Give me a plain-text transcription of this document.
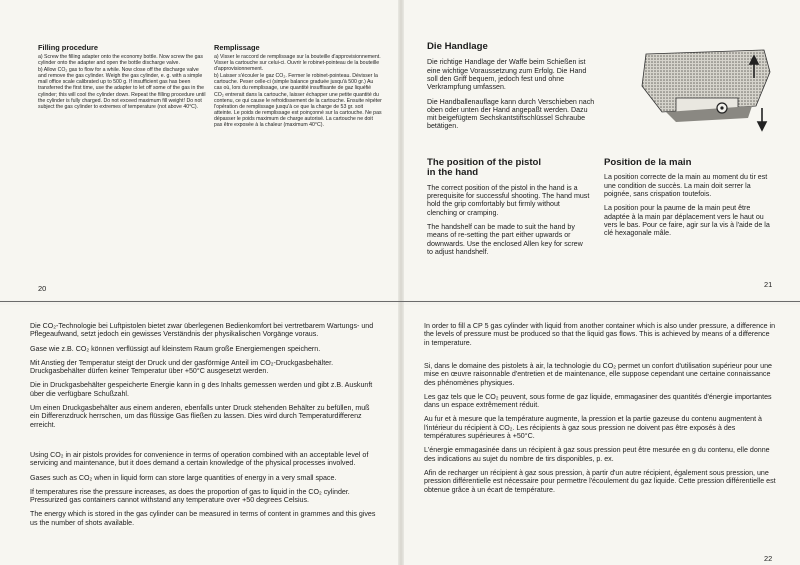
Filling procedure
a) Screw the filling adapter onto the economy bottle. Now screw the gas cylinder onto the adapter and open the bottle discharge valve.
b) Allow CO₂ gas to flow for a while. Now close off the discharge valve and remove the gas cylinder. Weigh the gas cylinder, e. g. with a simple mail office scale calibrated up to 500 g. If insufficient gas has been transferred the first time, use the adapter to let off some of the gas in the cylinder; this will cool the cylinder down. Repeat the filling procedure until the cylinder is fully charged. Do not exceed maximum fill weight! Do not subject the gas cylinder to extremes of temperature (not above 40°C).
Remplissage
a) Visser le raccord de remplissage sur la bouteille d'approvisionnement. Visser la cartouche sur celui-ci. Ouvrir le robinet-pointeau de la bouteille d'approvisionnement.
b) Laisser s'écouler le gaz CO₂. Fermer le robinet-pointeau. Dévisser la cartouche. Peser celle-ci (simple balance graduée jusqu'à 500 gr.) Au cas où, lors du remplissage, une quantité insuffisante de gaz liquéfié CO₂ entrerait dans la cartouche, laisser échapper une petite quantité du contenu, ce qui cause le refroidissement de la cartouche. Ensuite répéter l'opération de remplissage jusqu'à ce que la charge de 53 gr. soit atteinte. Le poids de remplissage est poinçonné sur la cartouche. Ne pas dépasser le poids maximum de charge autorisé. La cartouche ne doit pas être exposée à la chaleur (maximum 40°C).
20
Die Handlage

Die richtige Handlage der Waffe beim Schießen ist eine wichtige Voraussetzung zum Erfolg. Die Hand soll den Griff bequem, jedoch fest und ohne Verkrampfung umfassen.

Die Handballenauflage kann durch Verschieben nach oben oder unten der Hand angepaßt werden. Dazu mit beigefügtem Sechskantstiftschlüssel Schraube betätigen.

The position of the pistol
in the hand

The correct position of the pistol in the hand is a prerequisite for successful shooting. The hand must hold the grip comfortably but firmly without clenching or cramping.

The handshelf can be made to suit the hand by means of re-setting the part either upwards or downwards. Use the enclosed Allen key for screw to adjust handshelf.

Position de la main

La position correcte de la main au moment du tir est une condition de succès. La main doit serrer la poignée, sans crispation toutefois.

La position pour la paume de la main peut être adaptée à la main par déplacement vers le haut ou vers le bas. Pour ce faire, agir sur la vis à l'aide de la clé hexagonale mâle.

21

Die CO₂-Technologie bei Luftpistolen bietet zwar überlegenen Bedienkomfort bei vertretbarem Wartungs- und Pflegeaufwand, setzt jedoch ein gewisses Verständnis der physikalischen Vorgänge voraus.

Gase wie z.B. CO₂ können verflüssigt auf kleinstem Raum große Energiemengen speichern.

Mit Anstieg der Temperatur steigt der Druck und der gasförmige Anteil im CO₂-Druckgasbehälter. Druckgasbehälter dürfen keiner Temperatur über +50°C ausgesetzt werden.

Die in Druckgasbehälter gespeicherte Energie kann in g des Inhalts gemessen werden und gibt z.B. Auskunft über die verfügbare Schußzahl.

Um einen Druckgasbehälter aus einem anderen, ebenfalls unter Druck stehenden Behälter zu befüllen, muß ein Differenzdruck herrschen, um das flüssige Gas fließen zu lassen. Dies wird durch Temperaturdifferenz erreicht.

Using CO₂ in air pistols provides for convenience in terms of operation combined with an acceptable level of servicing and maintenance, but it does demand a certain knowledge of the physical processes involved.

Gases such as CO₂ when in liquid form can store large quantities of energy in a very small space.

If temperatures rise the pressure increases, as does the proportion of gas to liquid in the CO₂ cylinder. Pressurized gas containers cannot withstand any temperature over +50 degrees Celsius.

The energy which is stored in the gas cylinder can be measured in terms of content in grammes and this gives us the number of shots available.

In order to fill a CP 5 gas cylinder with liquid from another container which is also under pressure, a difference in the levels of pressure must be produced so that the liquid gas flows. This is achieved by means of a difference in temperature.

Si, dans le domaine des pistolets à air, la technologie du CO₂ permet un confort d'utilisation supérieur pour une mise en œuvre raisonnable d'entretien et de maintenance, elle suppose cependant une certaine connaissance des phénomènes physiques.

Les gaz tels que le CO₂ peuvent, sous forme de gaz liquide, emmagasiner des quantités d'énergie importantes dans un espace extrêmement réduit.

Au fur et à mesure que la température augmente, la pression et la partie gazeuse du contenu augmentent à l'intérieur du récipient à CO₂. Les récipients à gaz sous pression ne doivent pas être exposés à des températures supérieures à +50°C.

L'énergie emmagasinée dans un récipient à gaz sous pression peut être mesurée en g du contenu, elle donne des indications au sujet du nombre de tirs disponibles, p. ex.

Afin de recharger un récipient à gaz sous pression, à partir d'un autre récipient, également sous pression, une pression différentielle est nécessaire pour permettre l'écoulement du gaz liquide. Cette pression différentielle est obtenue grâce à un écart de température.

22
